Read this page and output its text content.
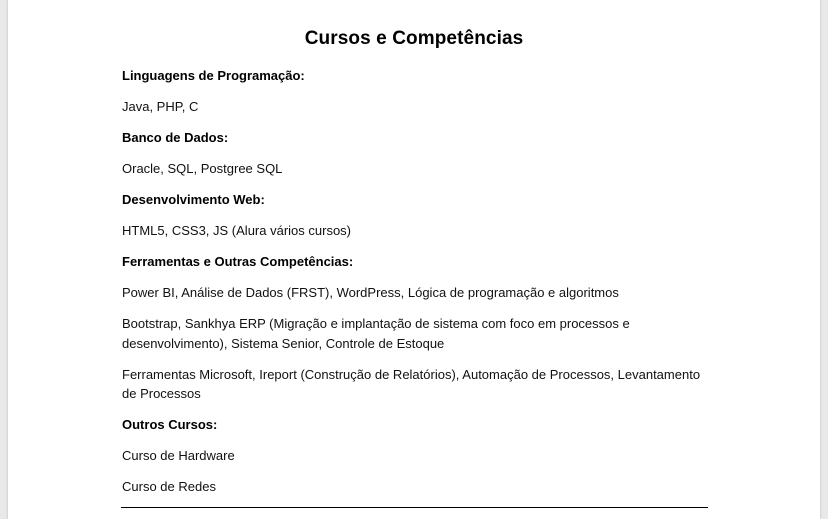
Cursos e Competências

Linguagens de Programação:

Java, PHP, C

Banco de Dados:

Oracle, SQL, Postgree SQL

Desenvolvimento Web:

HTML5, CSS3, JS (Alura vários cursos)

Ferramentas e Outras Competências:

Power BI, Análise de Dados (FRST), WordPress, Lógica de programação e algoritmos

Bootstrap, Sankhya ERP (Migração e implantação de sistema com foco em processos e desenvolvimento), Sistema Senior, Controle de Estoque

Ferramentas Microsoft, Ireport (Construção de Relatórios), Automação de Processos, Levantamento de Processos

Outros Cursos:

Curso de Hardware

Curso de Redes
